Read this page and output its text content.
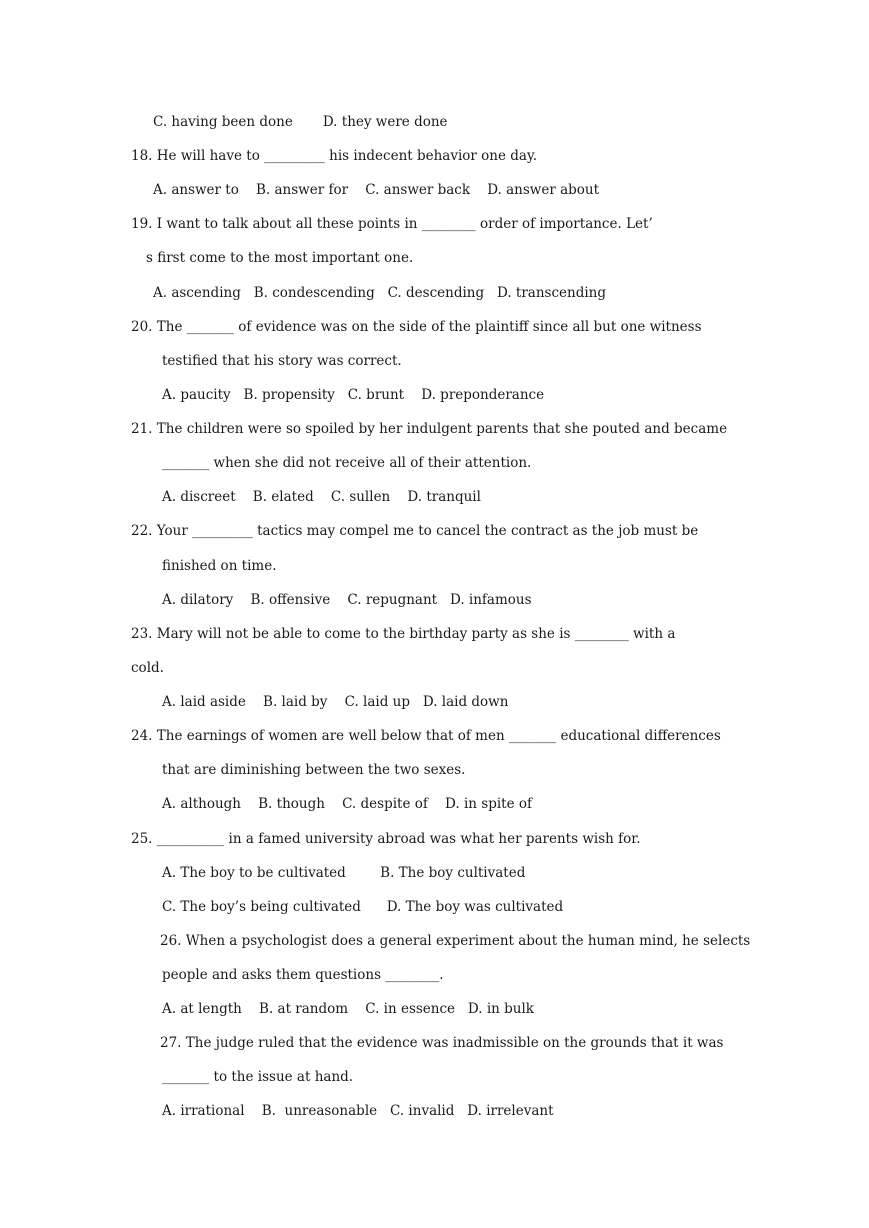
C. having been done       D. they were done
18. He will have to _________ his indecent behavior one day.
A. answer to    B. answer for    C. answer back    D. answer about
19. I want to talk about all these points in ________ order of importance. Let’
s first come to the most important one.
A. ascending   B. condescending   C. descending   D. transcending
20. The _______ of evidence was on the side of the plaintiff since all but one witness
testified that his story was correct.
A. paucity   B. propensity   C. brunt    D. preponderance
21. The children were so spoiled by her indulgent parents that she pouted and became
_______ when she did not receive all of their attention.
A. discreet    B. elated    C. sullen    D. tranquil
22. Your _________ tactics may compel me to cancel the contract as the job must be
finished on time.
A. dilatory    B. offensive    C. repugnant   D. infamous
23. Mary will not be able to come to the birthday party as she is ________ with a
cold.
A. laid aside    B. laid by    C. laid up   D. laid down
24. The earnings of women are well below that of men _______ educational differences
that are diminishing between the two sexes.
A. although    B. though    C. despite of    D. in spite of
25. __________ in a famed university abroad was what her parents wish for.
A. The boy to be cultivated        B. The boy cultivated
C. The boy’s being cultivated      D. The boy was cultivated
26. When a psychologist does a general experiment about the human mind, he selects
people and asks them questions ________.
A. at length    B. at random    C. in essence   D. in bulk
27. The judge ruled that the evidence was inadmissible on the grounds that it was
_______ to the issue at hand.
A. irrational    B.  unreasonable   C. invalid   D. irrelevant
